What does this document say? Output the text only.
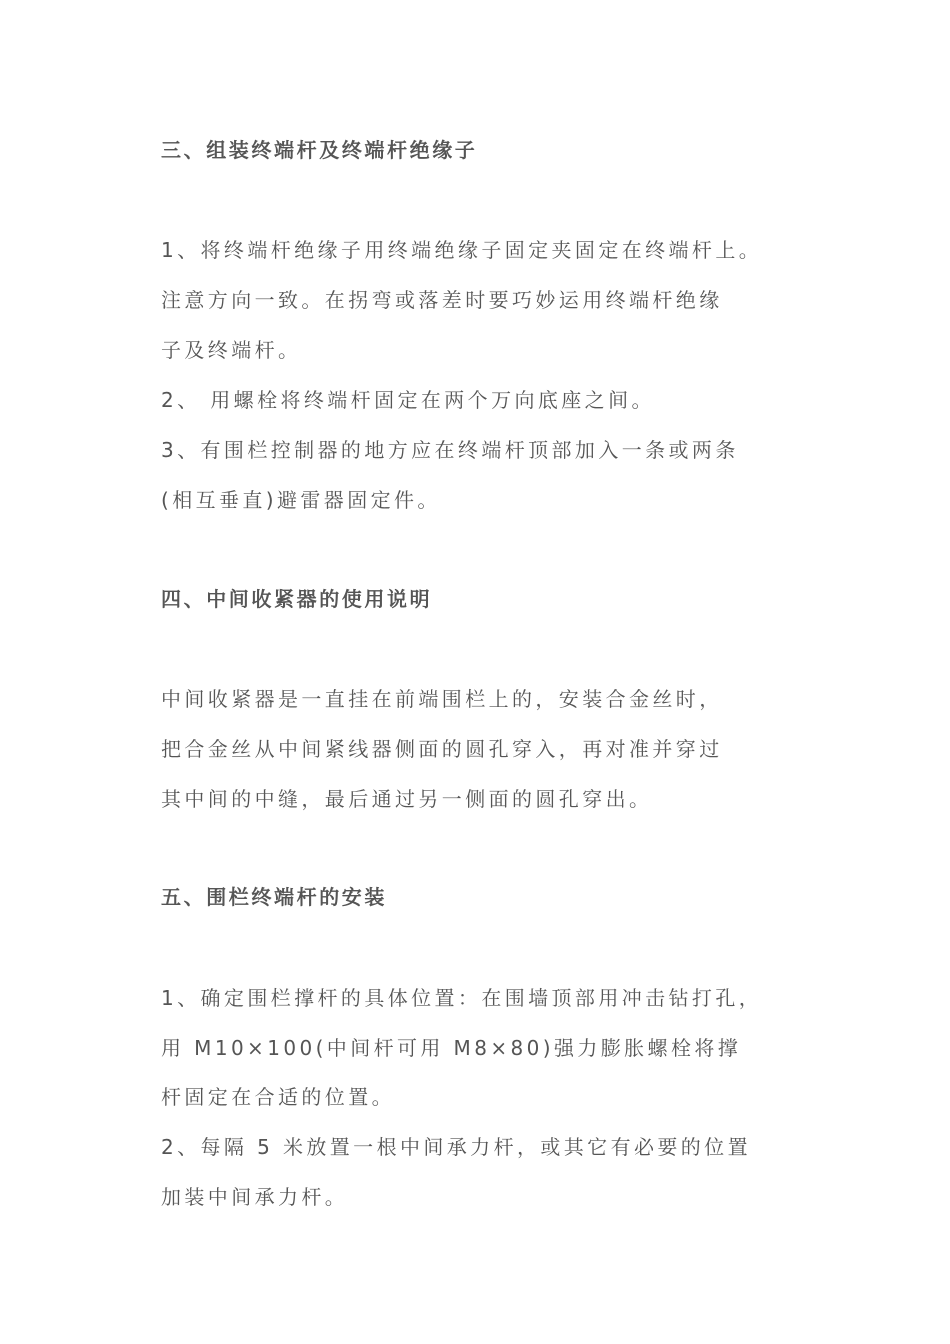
三、组装终端杆及终端杆绝缘子
1、将终端杆绝缘子用终端绝缘子固定夹固定在终端杆上。
注意方向一致。在拐弯或落差时要巧妙运用终端杆绝缘
子及终端杆。
2、 用螺栓将终端杆固定在两个万向底座之间。
3、有围栏控制器的地方应在终端杆顶部加入一条或两条
(相互垂直)避雷器固定件。
四、中间收紧器的使用说明
中间收紧器是一直挂在前端围栏上的，安装合金丝时，
把合金丝从中间紧线器侧面的圆孔穿入，再对准并穿过
其中间的中缝，最后通过另一侧面的圆孔穿出。
五、围栏终端杆的安装
1、确定围栏撑杆的具体位置：在围墙顶部用冲击钻打孔，
用 M10×100(中间杆可用 M8×80)强力膨胀螺栓将撑
杆固定在合适的位置。
2、每隔 5 米放置一根中间承力杆，或其它有必要的位置
加装中间承力杆。
